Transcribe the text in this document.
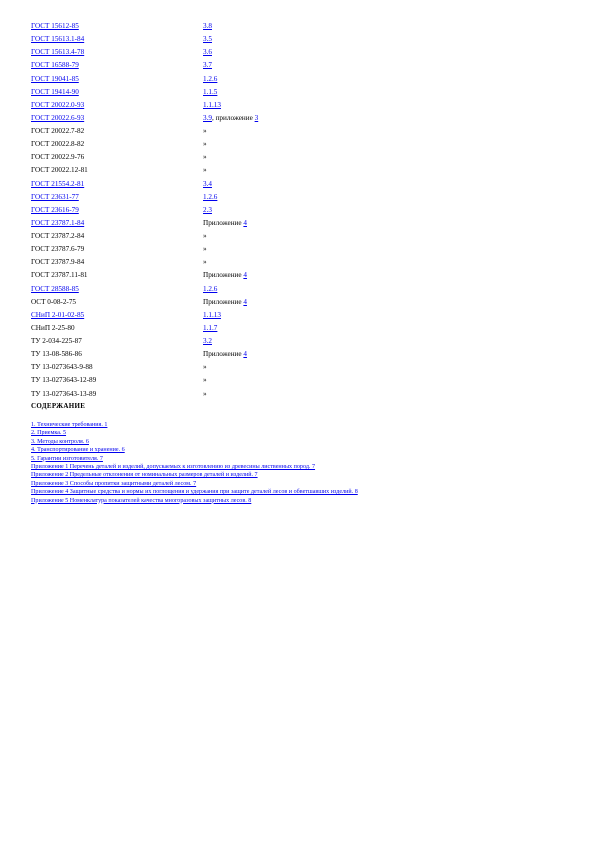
ГОСТ 15612-85	3.8
ГОСТ 15613.1-84	3.5
ГОСТ 15613.4-78	3.6
ГОСТ 16588-79	3.7
ГОСТ 19041-85	1.2.6
ГОСТ 19414-90	1.1.5
ГОСТ 20022.0-93	1.1.13
ГОСТ 20022.6-93	3.9, приложение 3
ГОСТ 20022.7-82	»
ГОСТ 20022.8-82	»
ГОСТ 20022.9-76	»
ГОСТ 20022.12-81	»
ГОСТ 21554.2-81	3.4
ГОСТ 23631-77	1.2.6
ГОСТ 23616-79	2.3
ГОСТ 23787.1-84	Приложение 4
ГОСТ 23787.2-84	»
ГОСТ 23787.6-79	»
ГОСТ 23787.9-84	»
ГОСТ 23787.11-81	Приложение 4
ГОСТ 28588-85	1.2.6
ОСТ 0-08-2-75	Приложение 4
СНиП 2-01-02-85	1.1.13
СНиП 2-25-80	1.1.7
ТУ 2-034-225-87	3.2
ТУ 13-08-586-86	Приложение 4
ТУ 13-0273643-9-88	»
ТУ 13-0273643-12-89	»
ТУ 13-0273643-13-89	»
СОДЕРЖАНИЕ
1. Технические требования. 1
2. Приемка. 5
3. Методы контроля. 6
4. Транспортирование и хранение. 6
5. Гарантии изготовителя. 7
Приложение 1 Перечень деталей и изделий, допускаемых к изготовлению из древесины лиственных пород. 7
Приложение 2 Предельные отклонения от номинальных размеров деталей и изделий. 7
Приложение 3 Способы пропитки защитными деталей лесом. 7
Приложение 4 Защитные средства и нормы их поглощения и удержания при защите деталей лесов и обветшавших изделий. 8
Приложение 5 Номенклатура показателей качества многоразовых защитных лесов. 8
